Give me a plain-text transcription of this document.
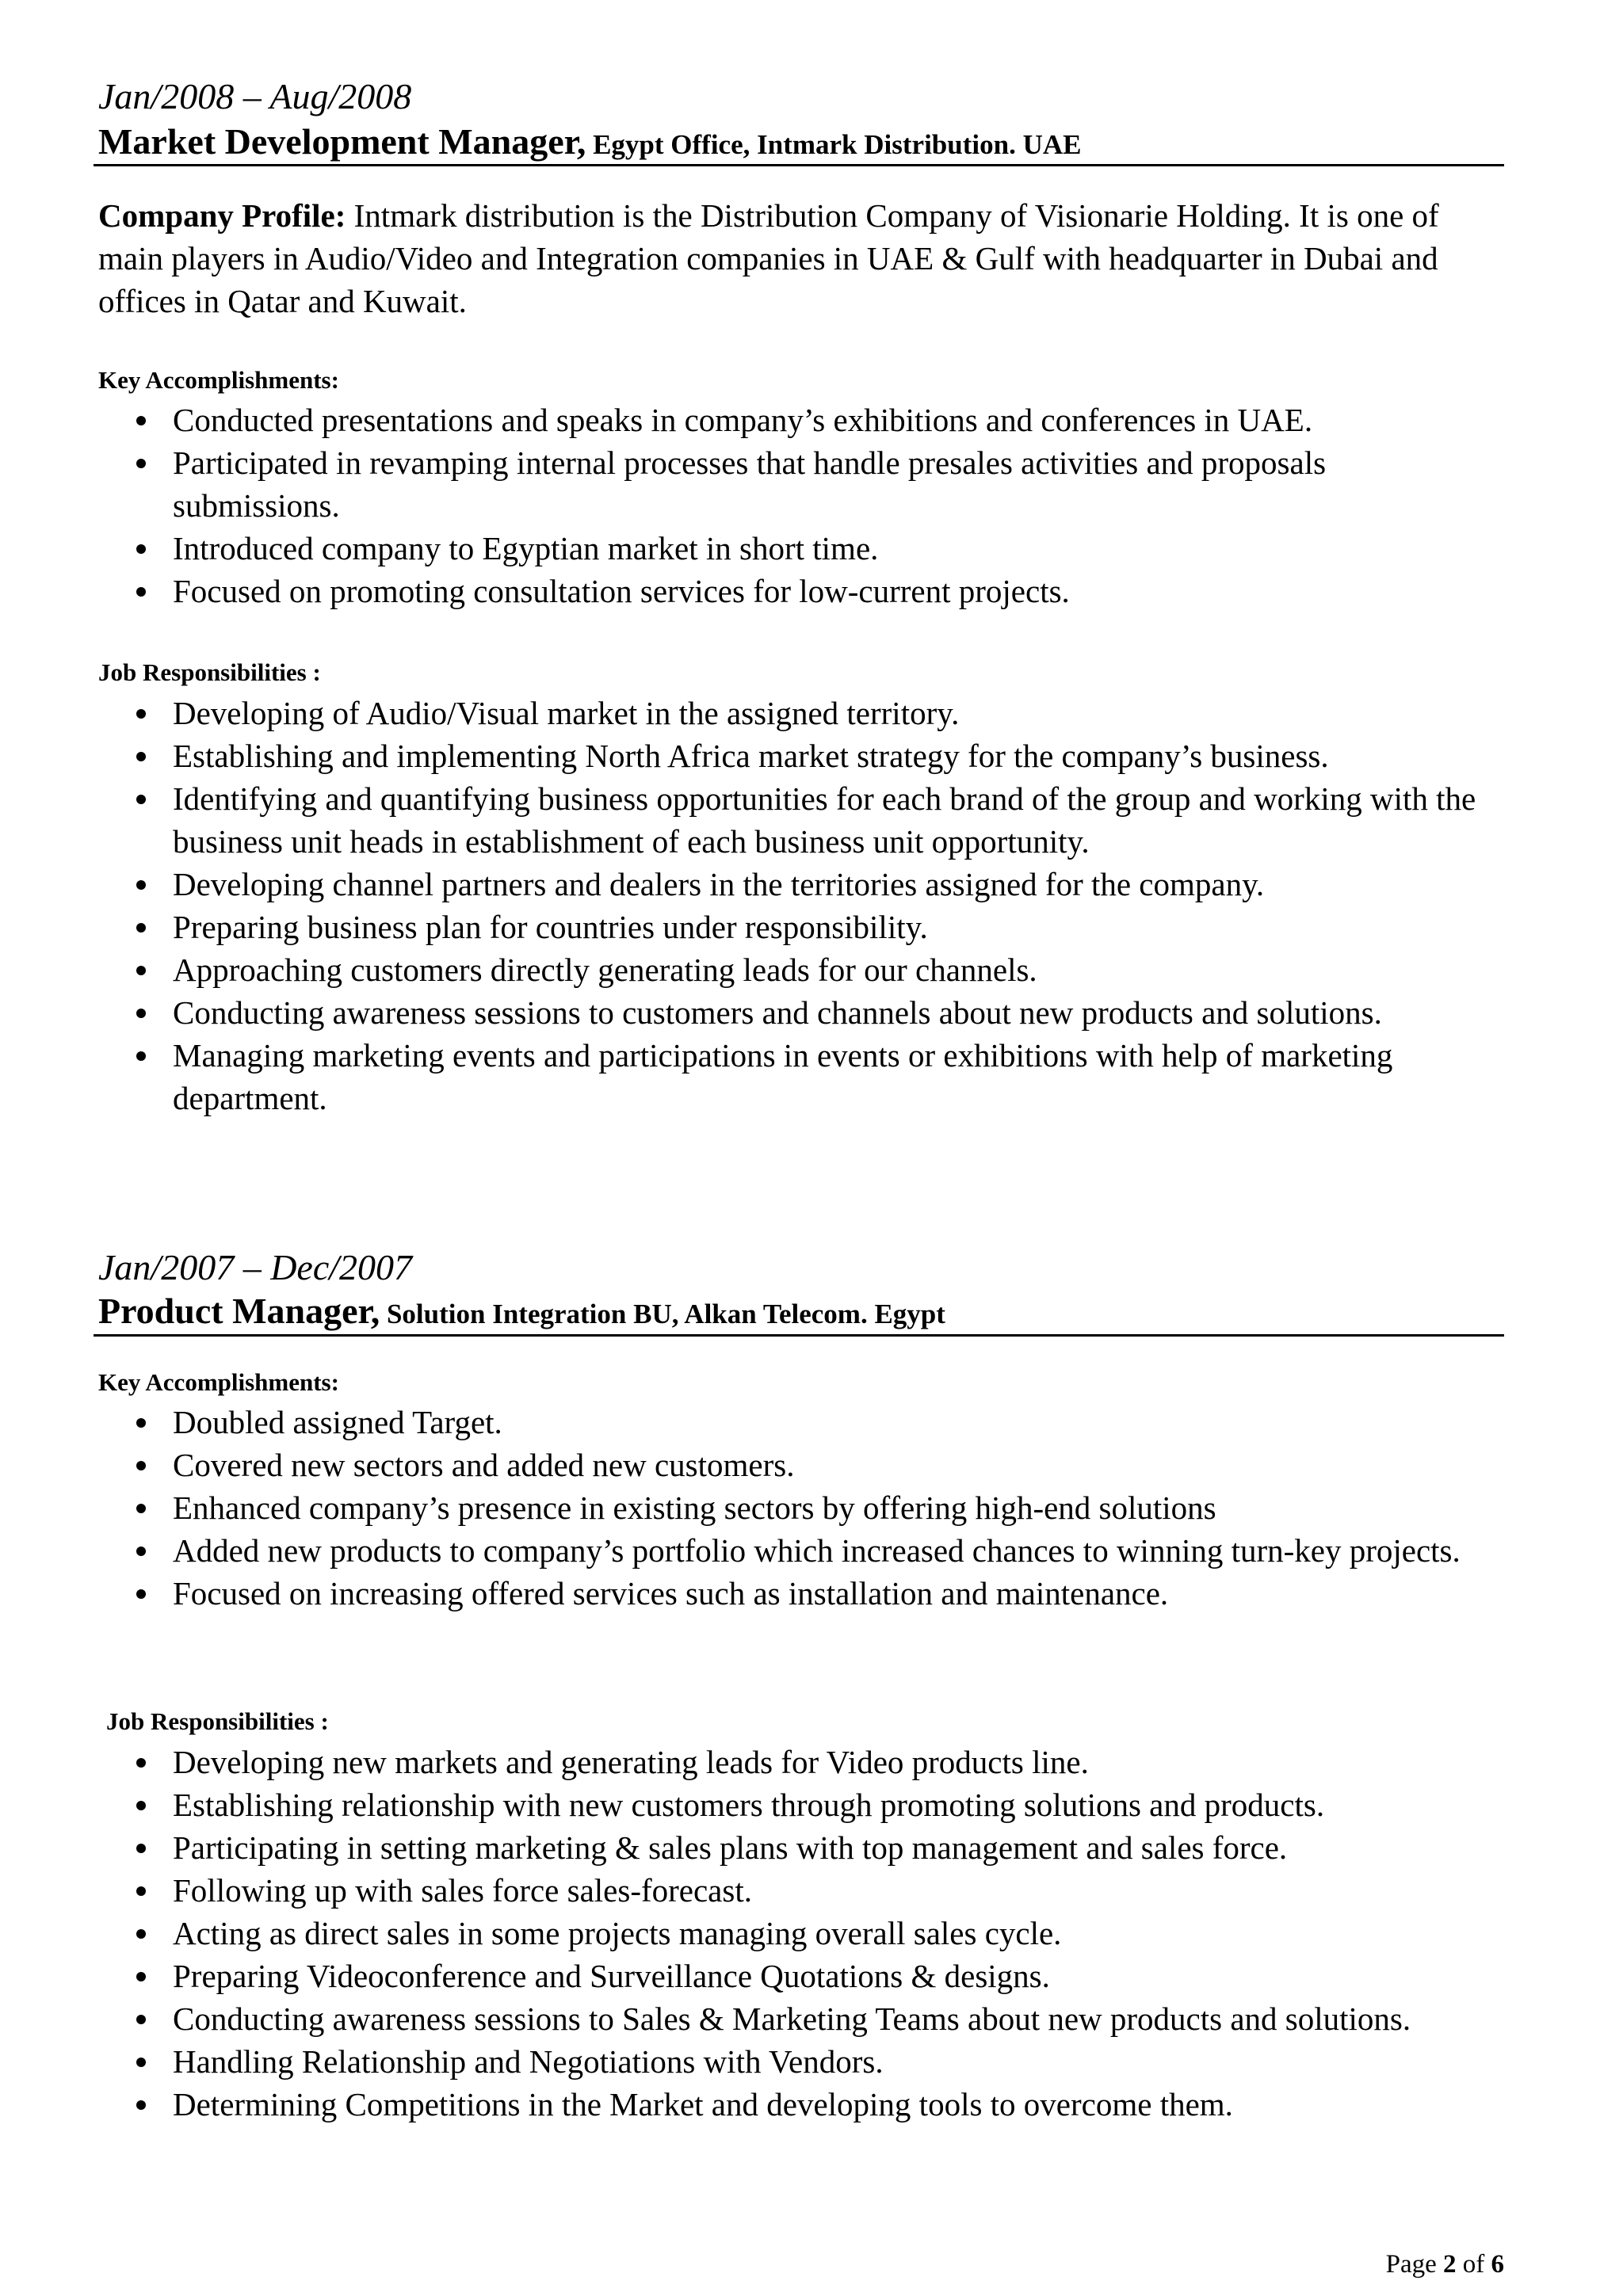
Jan/2008 – Aug/2008
Market Development Manager, Egypt Office, Intmark Distribution. UAE
Company Profile: Intmark distribution is the Distribution Company of Visionarie Holding. It is one of main players in Audio/Video and Integration companies in UAE & Gulf with headquarter in Dubai and offices in Qatar and Kuwait.
Key Accomplishments:
Conducted presentations and speaks in company’s exhibitions and conferences in UAE.
Participated in revamping internal processes that handle presales activities and proposals submissions.
Introduced company to Egyptian market in short time.
Focused on promoting consultation services for low-current projects.
Job Responsibilities :
Developing of Audio/Visual market in the assigned territory.
Establishing and implementing North Africa market strategy for the company’s business.
Identifying and quantifying business opportunities for each brand of the group and working with the business unit heads in establishment of each business unit opportunity.
Developing channel partners and dealers in the territories assigned for the company.
Preparing business plan for countries under responsibility.
Approaching customers directly generating leads for our channels.
Conducting awareness sessions to customers and channels about new products and solutions.
Managing marketing events and participations in events or exhibitions with help of marketing department.
Jan/2007 – Dec/2007
Product Manager, Solution Integration BU, Alkan Telecom. Egypt
Key Accomplishments:
Doubled assigned Target.
Covered new sectors and added new customers.
Enhanced company’s presence in existing sectors by offering high-end solutions
Added new products to company’s portfolio which increased chances to winning turn-key projects.
Focused on increasing offered services such as installation and maintenance.
Job Responsibilities :
Developing new markets and generating leads for Video products line.
Establishing relationship with new customers through promoting solutions and products.
Participating in setting marketing & sales plans with top management and sales force.
Following up with sales force sales-forecast.
Acting as direct sales in some projects managing overall sales cycle.
Preparing Videoconference and Surveillance Quotations & designs.
Conducting awareness sessions to Sales & Marketing Teams about new products and solutions.
Handling Relationship and Negotiations with Vendors.
Determining Competitions in the Market and developing tools to overcome them.
Page 2 of 6
